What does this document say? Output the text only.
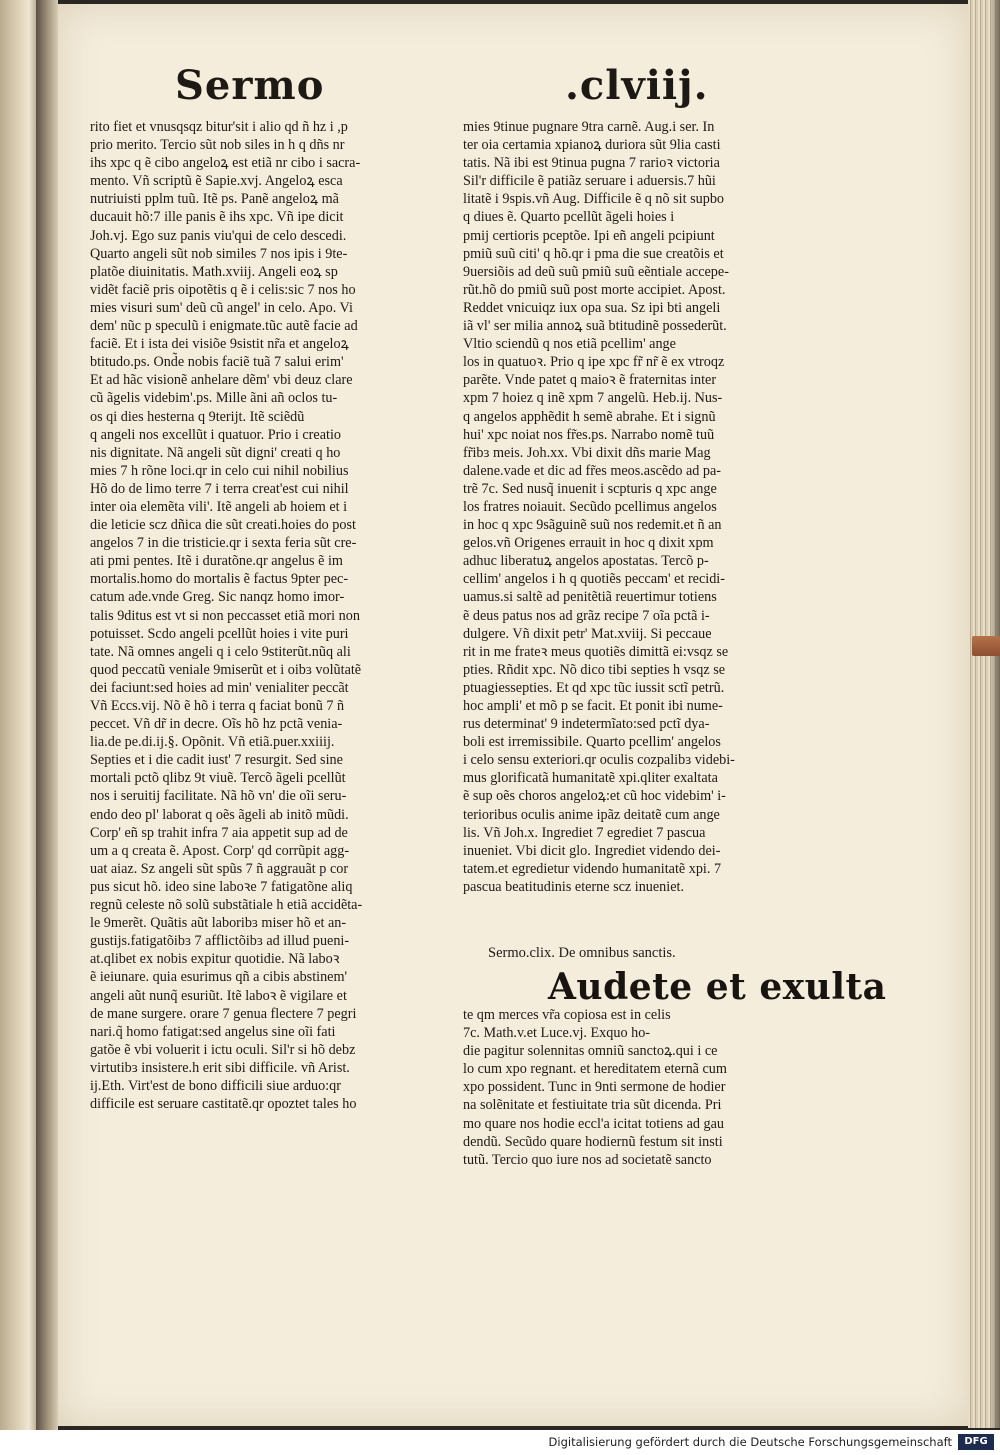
Sermo	.clviij.
rito fiet et vnusqsqz bitur'sit i alio qd ñ hz i ,p
prio merito. Tercio sũt nob siles in h q dñs nr
ihs xpc q ẽ cibo angeloꝝ est etiã nr cibo i sacra-
mento. Vñ scriptũ ẽ Sapie.xvj. Angeloꝝ esca
nutriuisti pplm tuũ. Itẽ ps. Panẽ angeloꝝ mã
ducauit hõ:7 ille panis ẽ ihs xpc. Vñ ipe dicit
Joh.vj. Ego suz panis viu'qui de celo descedi.
Quarto angeli sũt nob similes 7 nos ipis i 9te-
platõe diuinitatis. Math.xviij. Angeli eoꝝ sp
vidẽt faciẽ pris oipotẽtis q ẽ i celis:sic 7 nos ho
mies visuri sum' deũ cũ angel' in celo. Apo. Vi
dem' nũc p speculũ i enigmate.tũc autẽ facie ad
faciẽ. Et i ista dei visiõe 9sistit nr̃a et angeloꝝ
btitudo.ps. Ond̃e nobis faciẽ tuã 7 salui erim'
Et ad hãc visionẽ anhelare dẽm' vbi deuz clare
cũ ãgelis videbim'.ps. Mille ãni añ oclos tu-
os qi dies hesterna q 9terijt. Itẽ sciẽdũ
q angeli nos excellũt i quatuor. Prio i creatio
nis dignitate. Nã angeli sũt digni' creati q ho
mies 7 h rõne loci.qr in celo cui nihil nobilius
Hõ do de limo terre 7 i terra creat'est cui nihil
inter oia elemẽta vili'. Itẽ angeli ab hoiem et i
die leticie scz dñica die sũt creati.hoies do post
angelos 7 in die tristicie.qr i sexta feria sũt cre-
ati pmi pentes. Itẽ i duratõne.qr angelus ẽ im
mortalis.homo do mortalis ẽ factus 9pter pec-
catum ade.vnde Greg. Sic nanqz homo imor-
talis 9ditus est vt si non peccasset etiã mori non
potuisset. Scdo angeli pcellũt hoies i vite puri
tate. Nã omnes angeli q i celo 9stiterũt.nũq ali
quod peccatũ veniale 9miserũt et i oibɜ volũtatẽ
dei faciunt:sed hoies ad min' venialiter peccãt
Vñ Eccs.vij. Nõ ẽ hõ i terra q faciat bonũ 7 ñ
peccet. Vñ dr̃ in decre. Oĩs hõ hz pctã venia-
lia.de pe.di.ij.§. Opõnit. Vñ etiã.puer.xxiiij.
Septies et i die cadit iust' 7 resurgit. Sed sine
mortali pctõ qlibz 9t viuẽ. Tercõ ãgeli pcellũt
nos i seruitij facilitate. Nã hõ vn' die oĩi seru-
endo deo pl' laborat q oẽs ãgeli ab initõ mũdi.
Corp' eñ sp trahit infra 7 aia appetit sup ad de
um a q creata ẽ. Apost. Corp' qd corrũpit agg-
uat aiaz. Sz angeli sũt spũs 7 ñ aggrauãt p cor
pus sicut hõ. ideo sine laboꝛe 7 fatigatõne aliq
regnũ celeste nõ solũ substãtiale h etiã accidẽta-
le 9merẽt. Quãtis aũt laboribɜ miser hõ et an-
gustijs.fatigatõibɜ 7 afflictõibɜ ad illud pueni-
at.qlibet ex nobis expitur quotidie. Nã laboꝛ
ẽ ieiunare. quia esurimus qñ a cibis abstinem'
angeli aũt nunq̃ esuriũt. Itẽ laboꝛ ẽ vigilare et
de mane surgere. orare 7 genua flectere 7 pegri
nari.q̃ homo fatigat:sed angelus sine oĩi fati
gatõe ẽ vbi voluerit i ictu oculi. Sil'r si hõ debz
virtutibɜ insistere.h erit sibi difficile. vñ Arist.
ij.Eth. Virt'est de bono difficili siue arduo:qr
difficile est seruare castitatẽ.qr opoztet tales ho
mies 9tinue pugnare 9tra carnẽ. Aug.i ser. In
ter oia certamia xpianoꝝ duriora sũt 9lia casti
tatis. Nã ibi est 9tinua pugna 7 rarioꝛ victoria
Sil'r difficile ẽ patiãz seruare i aduersis.7 hũi
litatẽ i 9spis.vñ Aug. Difficile ẽ q nõ sit supbo
q diues ẽ. Quarto pcellũt ãgeli hoies i
pmij certioris pceptõe. Ipi eñ angeli pcipiunt
pmiũ suũ citi' q hõ.qr i pma die sue creatõis et
9uersiõis ad deũ suũ pmiũ suũ eẽntiale accepe-
rũt.hõ do pmiũ suũ post morte accipiet. Apost.
Reddet vnicuiqz iux opa sua. Sz ipi bti angeli
iã vl' ser milia annoꝝ suã btitudinẽ possederũt.
Vltio sciendũ q nos etiã pcellim' ange
los in quatuoꝛ. Prio q ipe xpc fr̃ nr̃ ẽ ex vtroqz
parẽte. Vnde patet q maioꝛ ẽ fraternitas inter
xpm 7 hoiez q inẽ xpm 7 angelũ. Heb.ij. Nus-
q angelos apphẽdit h semẽ abrahe. Et i signũ
hui' xpc noiat nos fr̃es.ps. Narrabo nomẽ tuũ
fr̃ibɜ meis. Joh.xx. Vbi dixit dñs marie Mag
dalene.vade et dic ad fr̃es meos.ascẽdo ad pa-
trẽ 7c. Sed nusq̃ inuenit i scpturis q xpc ange
los fratres noiauit. Secũdo pcellimus angelos
in hoc q xpc 9sãguinẽ suũ nos redemit.et ñ an
gelos.vñ Origenes errauit in hoc q dixit xpm
adhuc liberatuꝝ angelos apostatas. Tercõ p-
cellim' angelos i h q quotiẽs peccam' et recidi-
uamus.si saltẽ ad penitẽtiã reuertimur totiens
ẽ deus patus nos ad grãz recipe 7 oĩa pctã i-
dulgere. Vñ dixit petr' Mat.xviij. Si peccaue
rit in me frateꝛ meus quotiẽs dimittã ei:vsqz se
pties. Rñdit xpc. Nõ dico tibi septies h vsqz se
ptuagiessepties. Et qd xpc tũc iussit sctĩ petrũ.
hoc ampli' et mõ p se facit. Et ponit ibi nume-
rus determinat' 9 indetermĩato:sed pctĩ dya-
boli est irremissibile. Quarto pcellim' angelos
i celo sensu exteriori.qr oculis cozpalibɜ videbi-
mus glorificatã humanitatẽ xpi.qliter exaltata
ẽ sup oẽs choros angeloꝝ:et cũ hoc videbim' i-
terioribus oculis anime ipãz deitatẽ cum ange
lis. Vñ Joh.x. Ingrediet 7 egrediet 7 pascua
inueniet. Vbi dicit glo. Ingrediet videndo dei-
tatem.et egredietur videndo humanitatẽ xpi. 7
pascua beatitudinis eterne scz inueniet.
Sermo.clix. De omnibus sanctis.
Audete et exulta
te qm merces vr̃a copiosa est in celis
7c. Math.v.et Luce.vj. Exquo ho-
die pagitur solennitas omniũ sanctoꝝ.qui i ce
lo cum xpo regnant. et hereditatem eternã cum
xpo possident. Tunc in 9nti sermone de hodier
na solẽnitate et festiuitate tria sũt dicenda. Pri
mo quare nos hodie eccl'a icitat totiens ad gau
dendũ. Secũdo quare hodiernũ festum sit insti
tutũ. Tercio quo iure nos ad societatẽ sancto
Digitalisierung gefördert durch die Deutsche Forschungsgemeinschaft	DFG
